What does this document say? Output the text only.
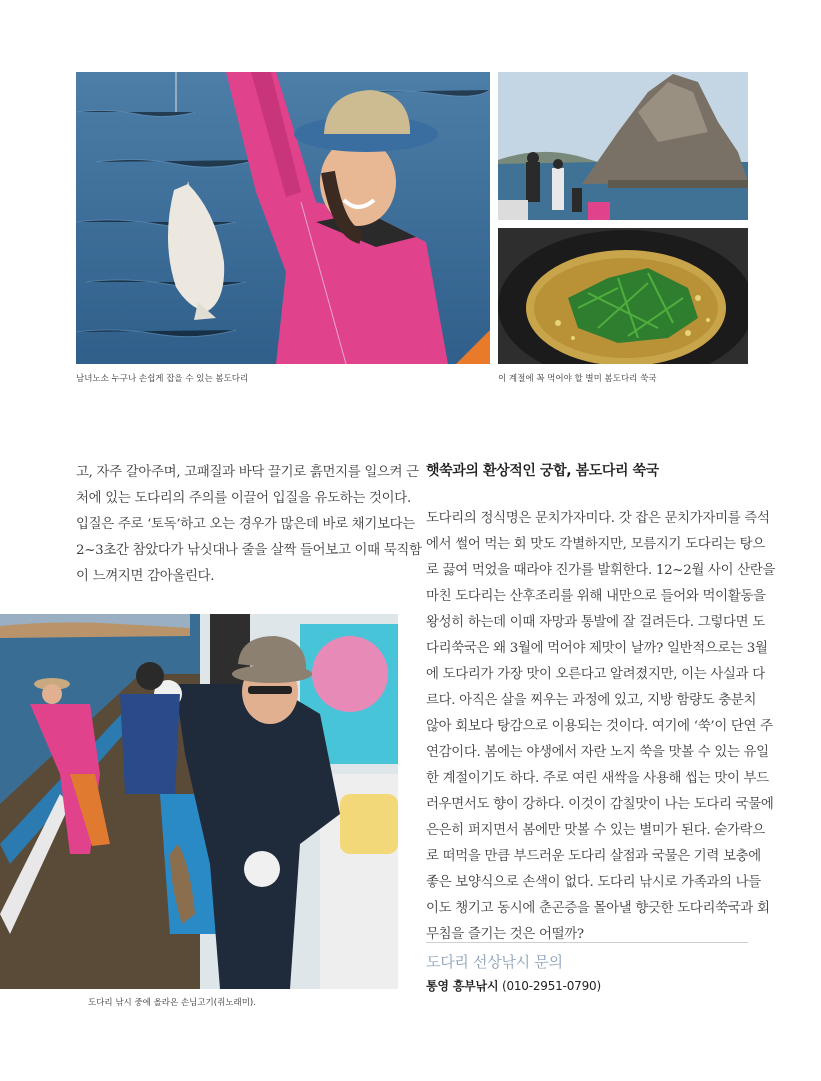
남녀노소 누구나 손쉽게 잡을 수 있는 봄도다리	이 계절에 꼭 먹어야 할 별미 봄도다리 쑥국
고, 자주 갈아주며, 고패질과 바닥 끌기로 흙먼지를 일으켜 근
처에 있는 도다리의 주의를 이끌어 입질을 유도하는 것이다.
입질은 주로 ‘토독’하고 오는 경우가 많은데 바로 채기보다는
2~3초간 참았다가 낚싯대나 줄을 살짝 들어보고 이때 묵직함
이 느껴지면 감아올린다.
도다리 낚시 중에 올라온 손님고기(쥐노래미).
햇쑥과의 환상적인 궁합, 봄도다리 쑥국
도다리의 정식명은 문치가자미다. 갓 잡은 문치가자미를 즉석
에서 썰어 먹는 회 맛도 각별하지만, 모름지기 도다리는 탕으
로 끓여 먹었을 때라야 진가를 발휘한다. 12~2월 사이 산란을
마친 도다리는 산후조리를 위해 내만으로 들어와 먹이활동을
왕성히 하는데 이때 자망과 통발에 잘 걸려든다. 그렇다면 도
다리쑥국은 왜 3월에 먹어야 제맛이 날까? 일반적으로는 3월
에 도다리가 가장 맛이 오른다고 알려졌지만, 이는 사실과 다
르다. 아직은 살을 찌우는 과정에 있고, 지방 함량도 충분치
않아 회보다 탕감으로 이용되는 것이다. 여기에 ‘쑥’이 단연 주
연감이다. 봄에는 야생에서 자란 노지 쑥을 맛볼 수 있는 유일
한 계절이기도 하다. 주로 여린 새싹을 사용해 씹는 맛이 부드
러우면서도 향이 강하다. 이것이 감칠맛이 나는 도다리 국물에
은은히 퍼지면서 봄에만 맛볼 수 있는 별미가 된다. 숟가락으
로 떠먹을 만큼 부드러운 도다리 살점과 국물은 기력 보충에
좋은 보양식으로 손색이 없다. 도다리 낚시로 가족과의 나들
이도 챙기고 동시에 춘곤증을 몰아낼 향긋한 도다리쑥국과 회
무침을 즐기는 것은 어떨까?
도다리 선상낚시 문의
통영 흥부낚시 (010-2951-0790)
